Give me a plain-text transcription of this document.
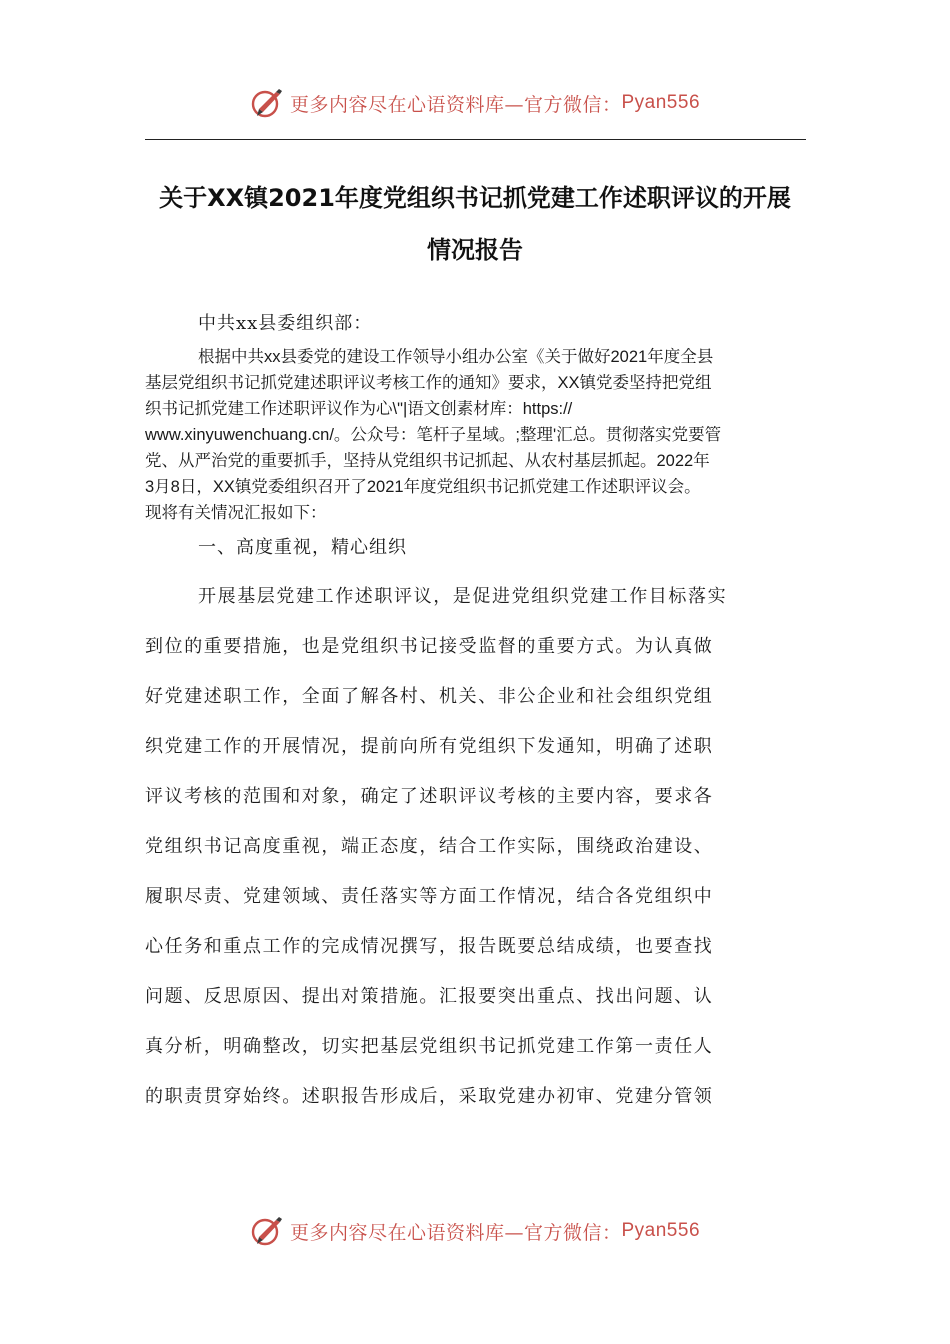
更多内容尽在心语资料库—官方微信： Pyan556
关于XX镇2021年度党组织书记抓党建工作述职评议的开展
情况报告
中共xx县委组织部：
根据中共xx县委党的建设工作领导小组办公室《关于做好2021年度全县
基层党组织书记抓党建述职评议考核工作的通知》要求，XX镇党委坚持把党组
织书记抓党建工作述职评议作为心\"|语文创素材库：https://
www.xinyuwenchuang.cn/。公众号：笔杆子星域。;整理'汇总。贯彻落实党要管
党、从严治党的重要抓手，坚持从党组织书记抓起、从农村基层抓起。2022年
3月8日，XX镇党委组织召开了2021年度党组织书记抓党建工作述职评议会。
现将有关情况汇报如下：
一、高度重视，精心组织
开展基层党建工作述职评议，是促进党组织党建工作目标落实
到位的重要措施，也是党组织书记接受监督的重要方式。为认真做
好党建述职工作，全面了解各村、机关、非公企业和社会组织党组
织党建工作的开展情况，提前向所有党组织下发通知，明确了述职
评议考核的范围和对象，确定了述职评议考核的主要内容，要求各
党组织书记高度重视，端正态度，结合工作实际，围绕政治建设、
履职尽责、党建领域、责任落实等方面工作情况，结合各党组织中
心任务和重点工作的完成情况撰写，报告既要总结成绩，也要查找
问题、反思原因、提出对策措施。汇报要突出重点、找出问题、认
真分析，明确整改，切实把基层党组织书记抓党建工作第一责任人
的职责贯穿始终。述职报告形成后，采取党建办初审、党建分管领
更多内容尽在心语资料库—官方微信： Pyan556
